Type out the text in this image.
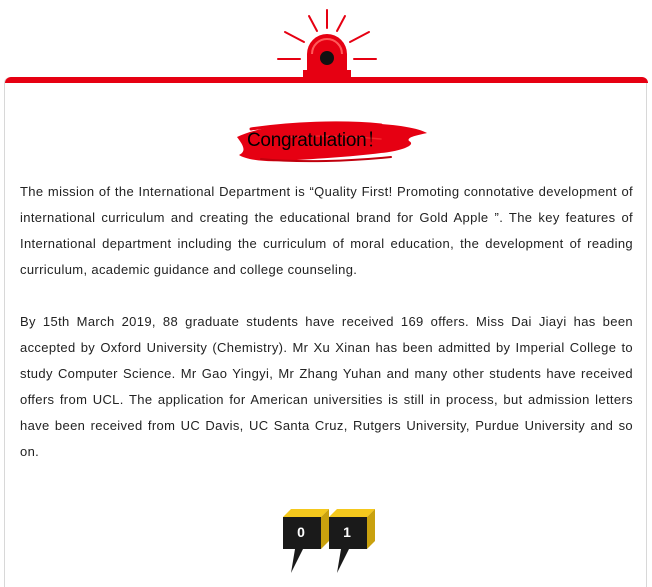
Congratulation！

The mission of the International Department is “Quality First! Promoting connotative development of international curriculum and creating the educational brand for Gold Apple ”. The key features of International department including the curriculum of moral education, the development of reading curriculum, academic guidance and college counseling.

By 15th March 2019, 88 graduate students have received 169 offers. Miss Dai Jiayi has been accepted by Oxford University (Chemistry). Mr Xu Xinan has been admitted by Imperial College to study Computer Science. Mr Gao Yingyi, Mr Zhang Yuhan and many other students have received offers from UCL. The application for American universities is still in process, but admission letters have been received from UC Davis, UC Santa Cruz, Rutgers University, Purdue University and so on.

0	1
